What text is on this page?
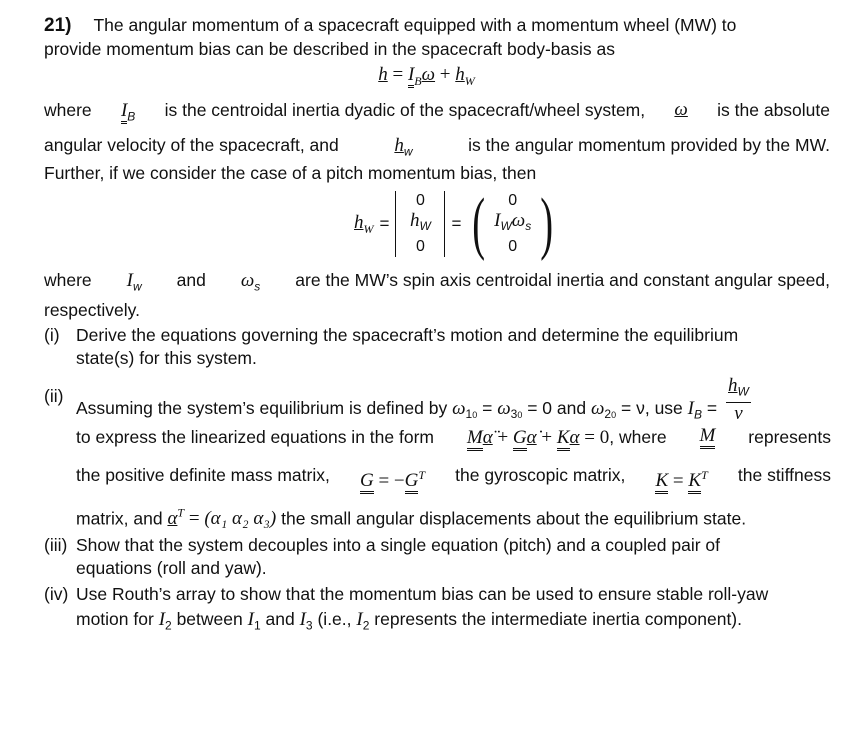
21) The angular momentum of a spacecraft equipped with a momentum wheel (MW) to
provide momentum bias can be described in the spacecraft body-basis as
$h = I_B\omega + h_W$
where $I_B$ is the centroidal inertia dyadic of the spacecraft/wheel system, ω is the absolute
angular velocity of the spacecraft, and	$h_w$	is the angular momentum provided by the MW.
Further, if we consider the case of a pitch momentum bias, then
$h_W$ =
0
$h_W$
0
= ( 0
$I_W\omega_s$
0 )
where $I_w$ and $\omega_s$ are the MW’s spin axis centroidal inertia and constant angular speed,
respectively.
(i) Derive the equations governing the spacecraft’s motion and determine the equilibrium
state(s) for this system.
(ii)
Assuming the system’s equilibrium is defined by $\omega_{10} = \omega_{30} = 0$ and $\omega_{20} = \nu$, use $I_B = \frac{h_W}{\nu}$
to express the linearized equations in the form Mα̈ + Gα̇ + Kα = 0, where M represents
the positive definite mass matrix, $G = -G^T$ the gyroscopic matrix, $K = K^T$ the stiffness
matrix, and $\alpha^T = (\alpha_1$ α₂ α₃) the small angular displacements about the equilibrium state.
(iii) Show that the system decouples into a single equation (pitch) and a coupled pair of
equations (roll and yaw).
(iv) Use Routh’s array to show that the momentum bias can be used to ensure stable roll-yaw
motion for $I_2$ between $I_1$ and $I_3$ (i.e., $I_2$ represents the intermediate inertia component).
